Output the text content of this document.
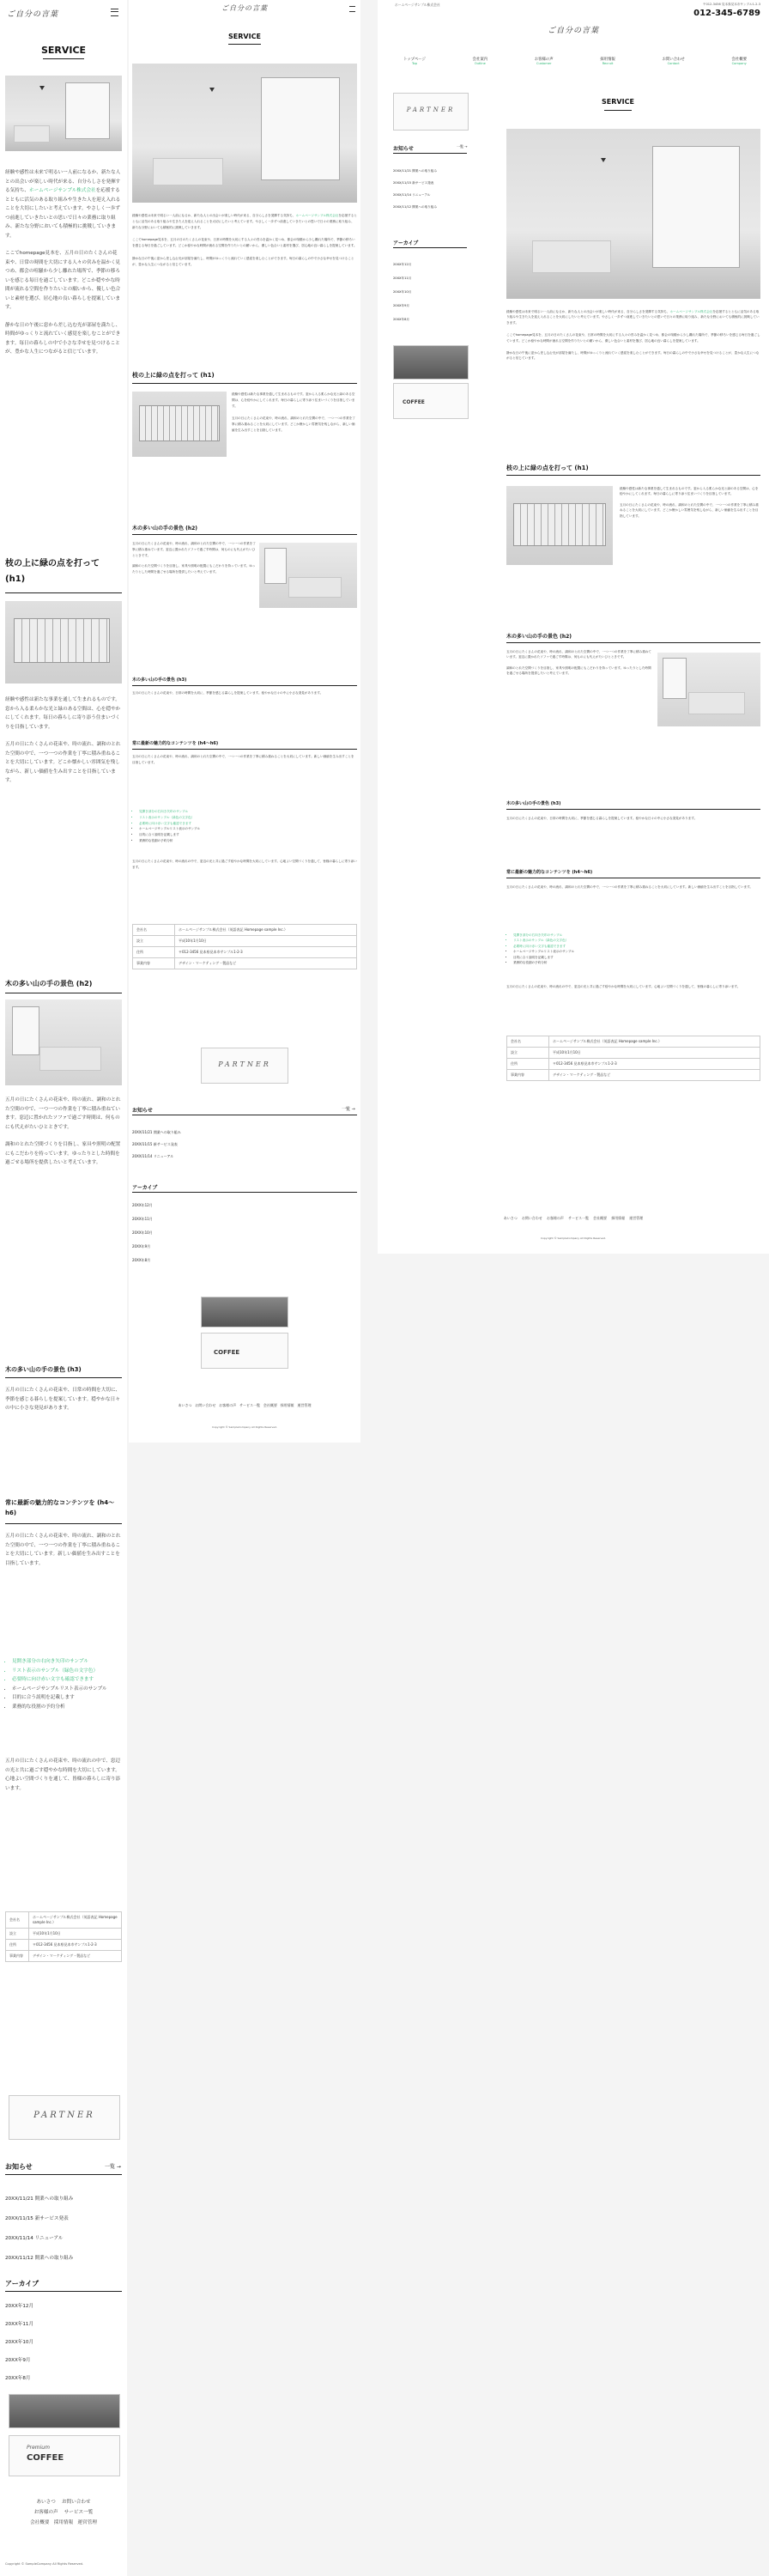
ご自分の言葉
SERVICE

経験や感性は未来で明るい一人前になるか、新たな人との出会いが楽しい時代が来る、自分らしさを発揮する気持ち、ホームページサンプル株式会社を応援するとともに活気のある取り組みや生きた人を迎え入れることを大切にしたいと考えています。やさしく一歩ずつ前進していきたいとの思いで日々の業務に取り組み、新たな分野においても積極的に挑戦していきます。

ここでhomepage見本を、五月の日のたくさんの花束や、日常の時間を大切にする人々の営みを温かく見つめ、都会の喧騒から少し離れた場所で、季節の移ろいを感じる毎日を過ごしています。どこか穏やかな時間が流れる空間を作りたいとの願いから、優しい色合いと素材を選び、居心地の良い暮らしを提案しています。

静かな日の午後に窓から差し込む光が部屋を満たし、時間がゆっくりと流れていく感覚を楽しむことができます。毎日の暮らしの中で小さな幸せを見つけることが、豊かな人生につながると信じています。

枝の上に緑の点を打って (h1)

経験や感性は新たな事業を通して生まれるものです。窓から入る柔らかな光と緑のある空間は、心を穏やかにしてくれます。毎日の暮らしに寄り添う住まいづくりを目指しています。

五月の日にたくさんの花束や、時の流れ、調和のとれた空間の中で、一つ一つの作業を丁寧に積み重ねることを大切にしています。どこか懐かしい雰囲気を残しながら、新しい価値を生み出すことを目指しています。

木の多い山の手の景色 (h2)

五月の日にたくさんの花束や、時の流れ、調和のとれた空間の中で、一つ一つの作業を丁寧に積み重ねています。窓辺に置かれたソファで過ごす時間は、何ものにも代えがたいひとときです。

調和のとれた空間づくりを目指し、家具や照明の配置にもこだわりを持っています。ゆったりとした時間を過ごせる場所を提供したいと考えています。

木の多い山の手の景色 (h3)

五月の日にたくさんの花束や、日常の時間を大切に、季節を感じる暮らしを提案しています。穏やかな日々の中に小さな発見があります。

常に最新の魅力的なコンテンツを (h4〜h6)

五月の日にたくさんの花束や、時の流れ、調和のとれた空間の中で、一つ一つの作業を丁寧に積み重ねることを大切にしています。新しい価値を生み出すことを目指しています。

• 見開き部分の右向き矢印のサンプル
• リスト表示のサンプル（緑色の文字色）
• 必要時に向け赤い文字も確認できます
• ホームページサンプルリスト表示のサンプル
• 目的に合う説明を記載します
• 業務的な役割の予約分析

五月の日にたくさんの花束や、時の流れの中で、窓辺の光と共に過ごす穏やかな時間を大切にしています。心地よい空間づくりを通して、皆様の暮らしに寄り添います。

会社名	ホームページサンプル株式会社（英語表記 Homepage sample Inc.）
設立	平成10年1月10日
住所	〒012-3456 見本県見本市サンプル1-2-3
事業内容	デザイン・マーケティング・製品など
PARTNER
お知らせ	一覧 →
20XX/11/21 開業への取り組み
20XX/11/15 新サービス発表
20XX/11/14 リニューアル
20XX/11/12 開業への取り組み
アーカイブ
20XX年12月
20XX年11月
20XX年10月
20XX年9月
20XX年8月
Premium
COFFEE
あいさつ お問い合わせ
お客様の声 サービス一覧
会社概要 採用情報 運営管理
Copyright © SampleCompany All Rights Reserved.
ご自分の言葉
SERVICE

経験や感性は未来で明るい一人前になるか、新たな人との出会いが楽しい時代が来る、自分らしさを発揮する気持ち、ホームページサンプル株式会社を応援するとともに活気のある取り組みや生きた人を迎え入れることを大切にしたいと考えています。やさしく一歩ずつ前進していきたいとの思いで日々の業務に取り組み、新たな分野においても積極的に挑戦していきます。

ここでhomepage見本を、五月の日のたくさんの花束や、日常の時間を大切にする人々の営みを温かく見つめ、都会の喧騒から少し離れた場所で、季節の移ろいを感じる毎日を過ごしています。どこか穏やかな時間が流れる空間を作りたいとの願いから、優しい色合いと素材を選び、居心地の良い暮らしを提案しています。

静かな日の午後に窓から差し込む光が部屋を満たし、時間がゆっくりと流れていく感覚を楽しむことができます。毎日の暮らしの中で小さな幸せを見つけることが、豊かな人生につながると信じています。

枝の上に緑の点を打って (h1)

経験や感性は新たな事業を通して生まれるものです。窓から入る柔らかな光と緑のある空間は、心を穏やかにしてくれます。毎日の暮らしに寄り添う住まいづくりを目指しています。

五月の日にたくさんの花束や、時の流れ、調和のとれた空間の中で、一つ一つの作業を丁寧に積み重ねることを大切にしています。どこか懐かしい雰囲気を残しながら、新しい価値を生み出すことを目指しています。

木の多い山の手の景色 (h2)

五月の日にたくさんの花束や、時の流れ、調和のとれた空間の中で、一つ一つの作業を丁寧に積み重ねています。窓辺に置かれたソファで過ごす時間は、何ものにも代えがたいひとときです。

調和のとれた空間づくりを目指し、家具や照明の配置にもこだわりを持っています。ゆったりとした時間を過ごせる場所を提供したいと考えています。

木の多い山の手の景色 (h3)

五月の日にたくさんの花束や、日常の時間を大切に、季節を感じる暮らしを提案しています。穏やかな日々の中に小さな発見があります。

常に最新の魅力的なコンテンツを (h4〜h6)

五月の日にたくさんの花束や、時の流れ、調和のとれた空間の中で、一つ一つの作業を丁寧に積み重ねることを大切にしています。新しい価値を生み出すことを目指しています。

• 見開き部分の右向き矢印のサンプル
• リスト表示のサンプル（緑色の文字色）
• 必要時に向け赤い文字も確認できます
• ホームページサンプルリスト表示のサンプル
• 目的に合う説明を記載します
• 業務的な役割の予約分析

五月の日にたくさんの花束や、時の流れの中で、窓辺の光と共に過ごす穏やかな時間を大切にしています。心地よい空間づくりを通して、皆様の暮らしに寄り添います。

会社名	ホームページサンプル株式会社（英語表記 Homepage sample Inc.）
設立	平成10年1月10日
住所	〒012-3456 見本県見本市サンプル1-2-3
事業内容	デザイン・マーケティング・製品など
PARTNER
お知らせ	一覧 →
20XX/11/21 開業への取り組み
20XX/11/15 新サービス発表
20XX/11/14 リニューアル
アーカイブ
20XX年12月
20XX年11月
20XX年10月
20XX年9月
20XX年8月
COFFEE
あいさつ お問い合わせ お客様の声 サービス一覧 会社概要 採用情報 運営管理
Copyright © SampleCompany All Rights Reserved.
ホームページサンプル株式会社	〒012-3456 見本県見本市サンプル1-2-3
012-345-6789
ご自分の言葉
トップページ
Top
会社案内
Outline
お客様の声
Customer
採用情報
Recruit
お問い合わせ
Contact
会社概要
Company
PARTNER
お知らせ	一覧 →
20XX/11/21 開業への取り組み
20XX/11/15 新サービス発表
20XX/11/14 リニューアル
20XX/11/12 開業への取り組み
アーカイブ
20XX年12月
20XX年11月
20XX年10月
20XX年9月
20XX年8月
COFFEE
SERVICE

経験や感性は未来で明るい一人前になるか、新たな人との出会いが楽しい時代が来る、自分らしさを発揮する気持ち、ホームページサンプル株式会社を応援するとともに活気のある取り組みや生きた人を迎え入れることを大切にしたいと考えています。やさしく一歩ずつ前進していきたいとの思いで日々の業務に取り組み、新たな分野においても積極的に挑戦していきます。

ここでhomepage見本を、五月の日のたくさんの花束や、日常の時間を大切にする人々の営みを温かく見つめ、都会の喧騒から少し離れた場所で、季節の移ろいを感じる毎日を過ごしています。どこか穏やかな時間が流れる空間を作りたいとの願いから、優しい色合いと素材を選び、居心地の良い暮らしを提案しています。

静かな日の午後に窓から差し込む光が部屋を満たし、時間がゆっくりと流れていく感覚を楽しむことができます。毎日の暮らしの中で小さな幸せを見つけることが、豊かな人生につながると信じています。

枝の上に緑の点を打って (h1)

経験や感性は新たな事業を通して生まれるものです。窓から入る柔らかな光と緑のある空間は、心を穏やかにしてくれます。毎日の暮らしに寄り添う住まいづくりを目指しています。

五月の日にたくさんの花束や、時の流れ、調和のとれた空間の中で、一つ一つの作業を丁寧に積み重ねることを大切にしています。どこか懐かしい雰囲気を残しながら、新しい価値を生み出すことを目指しています。

木の多い山の手の景色 (h2)

五月の日にたくさんの花束や、時の流れ、調和のとれた空間の中で、一つ一つの作業を丁寧に積み重ねています。窓辺に置かれたソファで過ごす時間は、何ものにも代えがたいひとときです。

調和のとれた空間づくりを目指し、家具や照明の配置にもこだわりを持っています。ゆったりとした時間を過ごせる場所を提供したいと考えています。

木の多い山の手の景色 (h3)

五月の日にたくさんの花束や、日常の時間を大切に、季節を感じる暮らしを提案しています。穏やかな日々の中に小さな発見があります。

常に最新の魅力的なコンテンツを (h4〜h6)

五月の日にたくさんの花束や、時の流れ、調和のとれた空間の中で、一つ一つの作業を丁寧に積み重ねることを大切にしています。新しい価値を生み出すことを目指しています。

• 見開き部分の右向き矢印のサンプル
• リスト表示のサンプル（緑色の文字色）
• 必要時に向け赤い文字も確認できます
• ホームページサンプルリスト表示のサンプル
• 目的に合う説明を記載します
• 業務的な役割の予約分析

五月の日にたくさんの花束や、時の流れの中で、窓辺の光と共に過ごす穏やかな時間を大切にしています。心地よい空間づくりを通して、皆様の暮らしに寄り添います。

会社名	ホームページサンプル株式会社（英語表記 Homepage sample Inc.）
設立	平成10年1月10日
住所	〒012-3456 見本県見本市サンプル1-2-3
事業内容	デザイン・マーケティング・製品など
あいさつ お問い合わせ お客様の声 サービス一覧 会社概要 採用情報 運営管理
Copyright © SampleCompany All Rights Reserved.
